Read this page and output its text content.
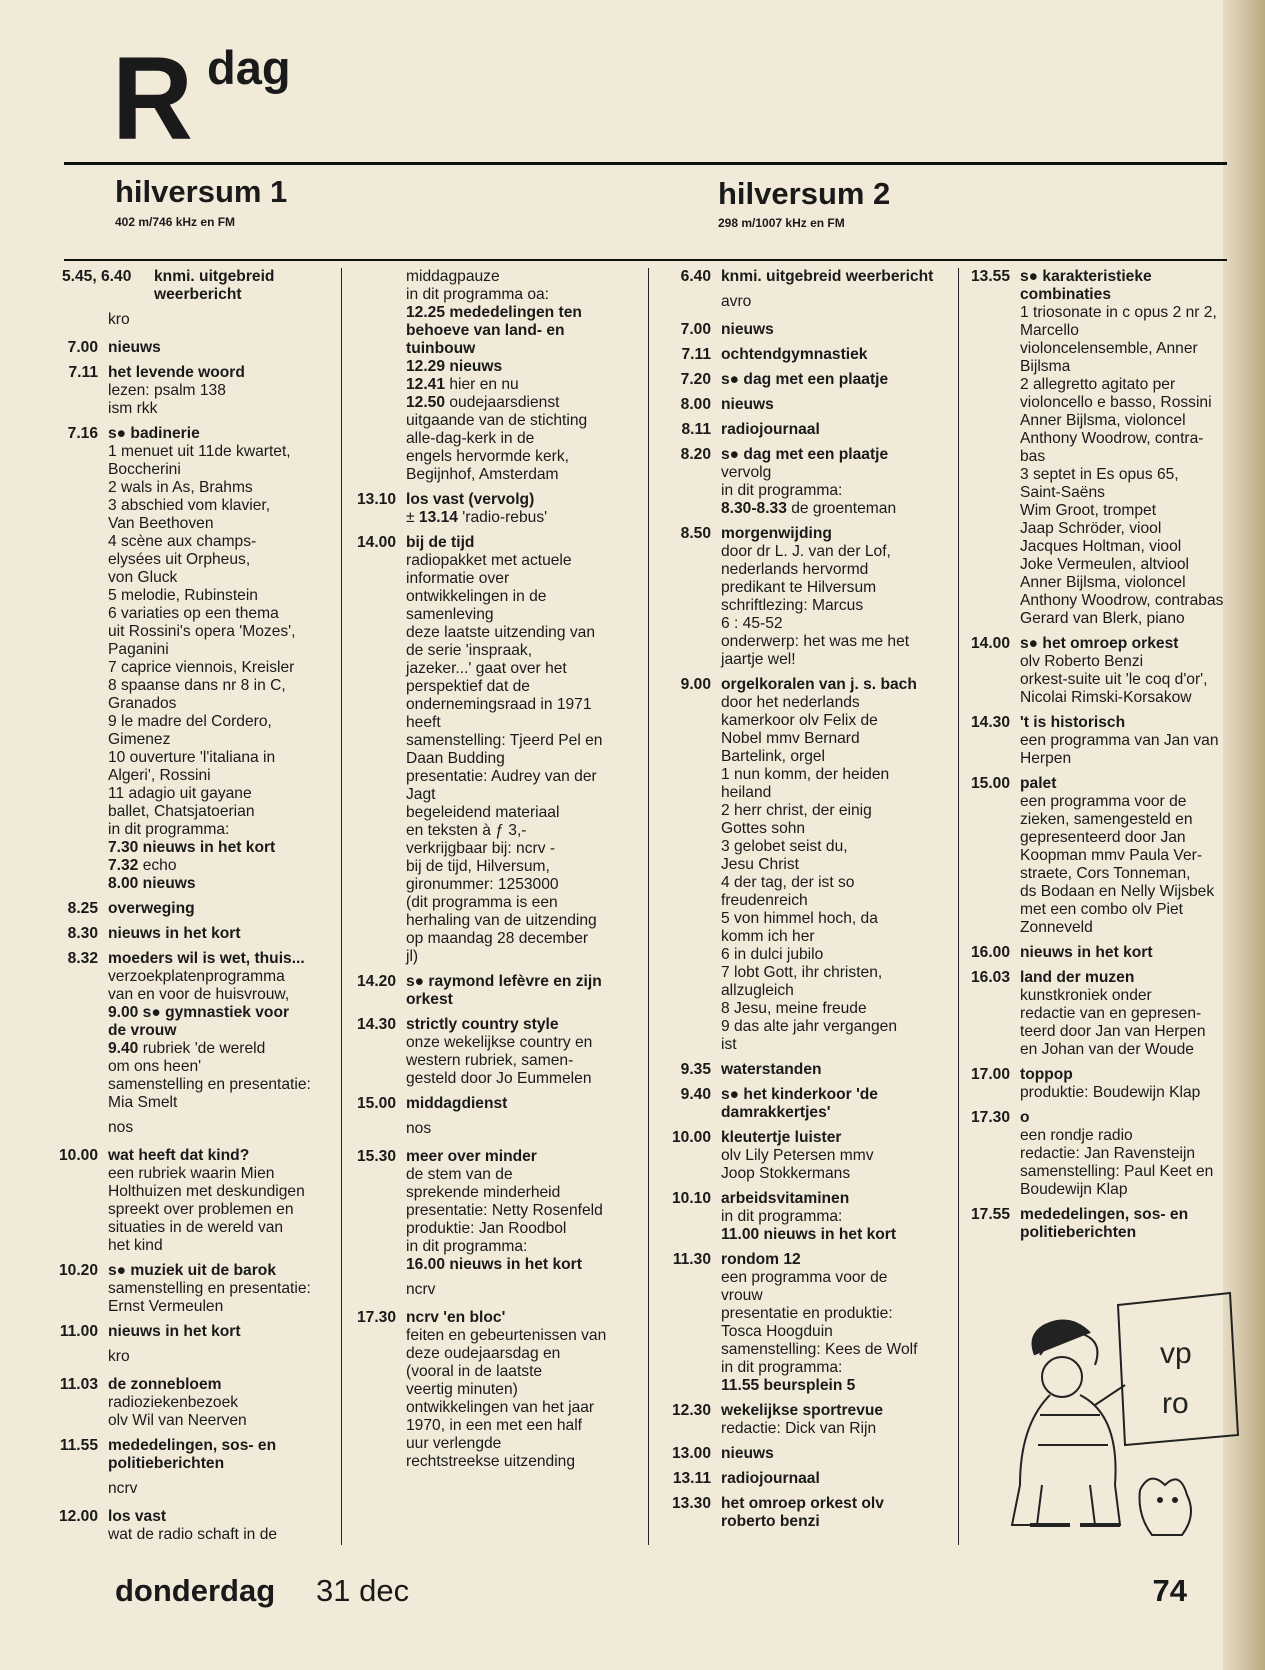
R dag
hilversum 1
402 m/746 kHz en FM
hilversum 2
298 m/1007 kHz en FM
5.45, 6.40 knmi. uitgebreid
weerbericht
kro
7.00 nieuws
7.11 het levende woord
lezen: psalm 138
ism rkk
7.16 s● badinerie
1 menuet uit 11de kwartet,
Boccherini
2 wals in As, Brahms
3 abschied vom klavier,
Van Beethoven
4 scène aux champs-
elysées uit Orpheus,
von Gluck
5 melodie, Rubinstein
6 variaties op een thema
uit Rossini's opera 'Mozes',
Paganini
7 caprice viennois, Kreisler
8 spaanse dans nr 8 in C,
Granados
9 le madre del Cordero,
Gimenez
10 ouverture 'l'italiana in
Algeri', Rossini
11 adagio uit gayane
ballet, Chatsjatoerian
in dit programma:
7.30 nieuws in het kort
7.32 echo
8.00 nieuws
8.25 overweging
8.30 nieuws in het kort
8.32 moeders wil is wet, thuis...
verzoekplatenprogramma
van en voor de huisvrouw,
9.00 s● gymnastiek voor
de vrouw
9.40 rubriek 'de wereld
om ons heen'
samenstelling en presentatie:
Mia Smelt
nos
10.00 wat heeft dat kind?
een rubriek waarin Mien
Holthuizen met deskundigen
spreekt over problemen en
situaties in de wereld van
het kind
10.20 s● muziek uit de barok
samenstelling en presentatie:
Ernst Vermeulen
11.00 nieuws in het kort
kro
11.03 de zonnebloem
radioziekenbezoek
olv Wil van Neerven
11.55 mededelingen, sos- en
politieberichten
ncrv
12.00 los vast
wat de radio schaft in de
middagpauze
in dit programma oa:
12.25 mededelingen ten
behoeve van land- en
tuinbouw
12.29 nieuws
12.41 hier en nu
12.50 oudejaarsdienst
uitgaande van de stichting
alle-dag-kerk in de
engels hervormde kerk,
Begijnhof, Amsterdam
13.10 los vast (vervolg)
± 13.14 'radio-rebus'
14.00 bij de tijd
radiopakket met actuele
informatie over
ontwikkelingen in de
samenleving
deze laatste uitzending van
de serie 'inspraak,
jazeker...' gaat over het
perspektief dat de
ondernemingsraad in 1971
heeft
samenstelling: Tjeerd Pel en
Daan Budding
presentatie: Audrey van der
Jagt
begeleidend materiaal
en teksten à ƒ 3,-
verkrijgbaar bij: ncrv -
bij de tijd, Hilversum,
gironummer: 1253000
(dit programma is een
herhaling van de uitzending
op maandag 28 december
jl)
14.20 s● raymond lefèvre en zijn
orkest
14.30 strictly country style
onze wekelijkse country en
western rubriek, samen-
gesteld door Jo Eummelen
15.00 middagdienst
nos
15.30 meer over minder
de stem van de
sprekende minderheid
presentatie: Netty Rosenfeld
produktie: Jan Roodbol
in dit programma:
16.00 nieuws in het kort
ncrv
17.30 ncrv 'en bloc'
feiten en gebeurtenissen van
deze oudejaarsdag en
(vooral in de laatste
veertig minuten)
ontwikkelingen van het jaar
1970, in een met een half
uur verlengde
rechtstreekse uitzending
6.40 knmi. uitgebreid weerbericht
avro
7.00 nieuws
7.11 ochtendgymnastiek
7.20 s● dag met een plaatje
8.00 nieuws
8.11 radiojournaal
8.20 s● dag met een plaatje
vervolg
in dit programma:
8.30-8.33 de groenteman
8.50 morgenwijding
door dr L. J. van der Lof,
nederlands hervormd
predikant te Hilversum
schriftlezing: Marcus
6 : 45-52
onderwerp: het was me het
jaartje wel!
9.00 orgelkoralen van j. s. bach
door het nederlands
kamerkoor olv Felix de
Nobel mmv Bernard
Bartelink, orgel
1 nun komm, der heiden
heiland
2 herr christ, der einig
Gottes sohn
3 gelobet seist du,
Jesu Christ
4 der tag, der ist so
freudenreich
5 von himmel hoch, da
komm ich her
6 in dulci jubilo
7 lobt Gott, ihr christen,
allzugleich
8 Jesu, meine freude
9 das alte jahr vergangen
ist
9.35 waterstanden
9.40 s● het kinderkoor 'de
damrakkertjes'
10.00 kleutertje luister
olv Lily Petersen mmv
Joop Stokkermans
10.10 arbeidsvitaminen
in dit programma:
11.00 nieuws in het kort
11.30 rondom 12
een programma voor de
vrouw
presentatie en produktie:
Tosca Hoogduin
samenstelling: Kees de Wolf
in dit programma:
11.55 beursplein 5
12.30 wekelijkse sportrevue
redactie: Dick van Rijn
13.00 nieuws
13.11 radiojournaal
13.30 het omroep orkest olv
roberto benzi
13.55 s● karakteristieke
combinaties
1 triosonate in c opus 2 nr 2,
Marcello
violoncelensemble, Anner
Bijlsma
2 allegretto agitato per
violoncello e basso, Rossini
Anner Bijlsma, violoncel
Anthony Woodrow, contra-
bas
3 septet in Es opus 65,
Saint-Saëns
Wim Groot, trompet
Jaap Schröder, viool
Jacques Holtman, viool
Joke Vermeulen, altviool
Anner Bijlsma, violoncel
Anthony Woodrow, contrabas
Gerard van Blerk, piano
14.00 s● het omroep orkest
olv Roberto Benzi
orkest-suite uit 'le coq d'or',
Nicolai Rimski-Korsakow
14.30 't is historisch
een programma van Jan van
Herpen
15.00 palet
een programma voor de
zieken, samengesteld en
gepresenteerd door Jan
Koopman mmv Paula Ver-
straete, Cors Tonneman,
ds Bodaan en Nelly Wijsbek
met een combo olv Piet
Zonneveld
16.00 nieuws in het kort
16.03 land der muzen
kunstkroniek onder
redactie van en gepresen-
teerd door Jan van Herpen
en Johan van der Woude
17.00 toppop
produktie: Boudewijn Klap
17.30 o
een rondje radio
redactie: Jan Ravensteijn
samenstelling: Paul Keet en
Boudewijn Klap
17.55 mededelingen, sos- en
politieberichten
vp
ro
donderdag 31 dec	74
